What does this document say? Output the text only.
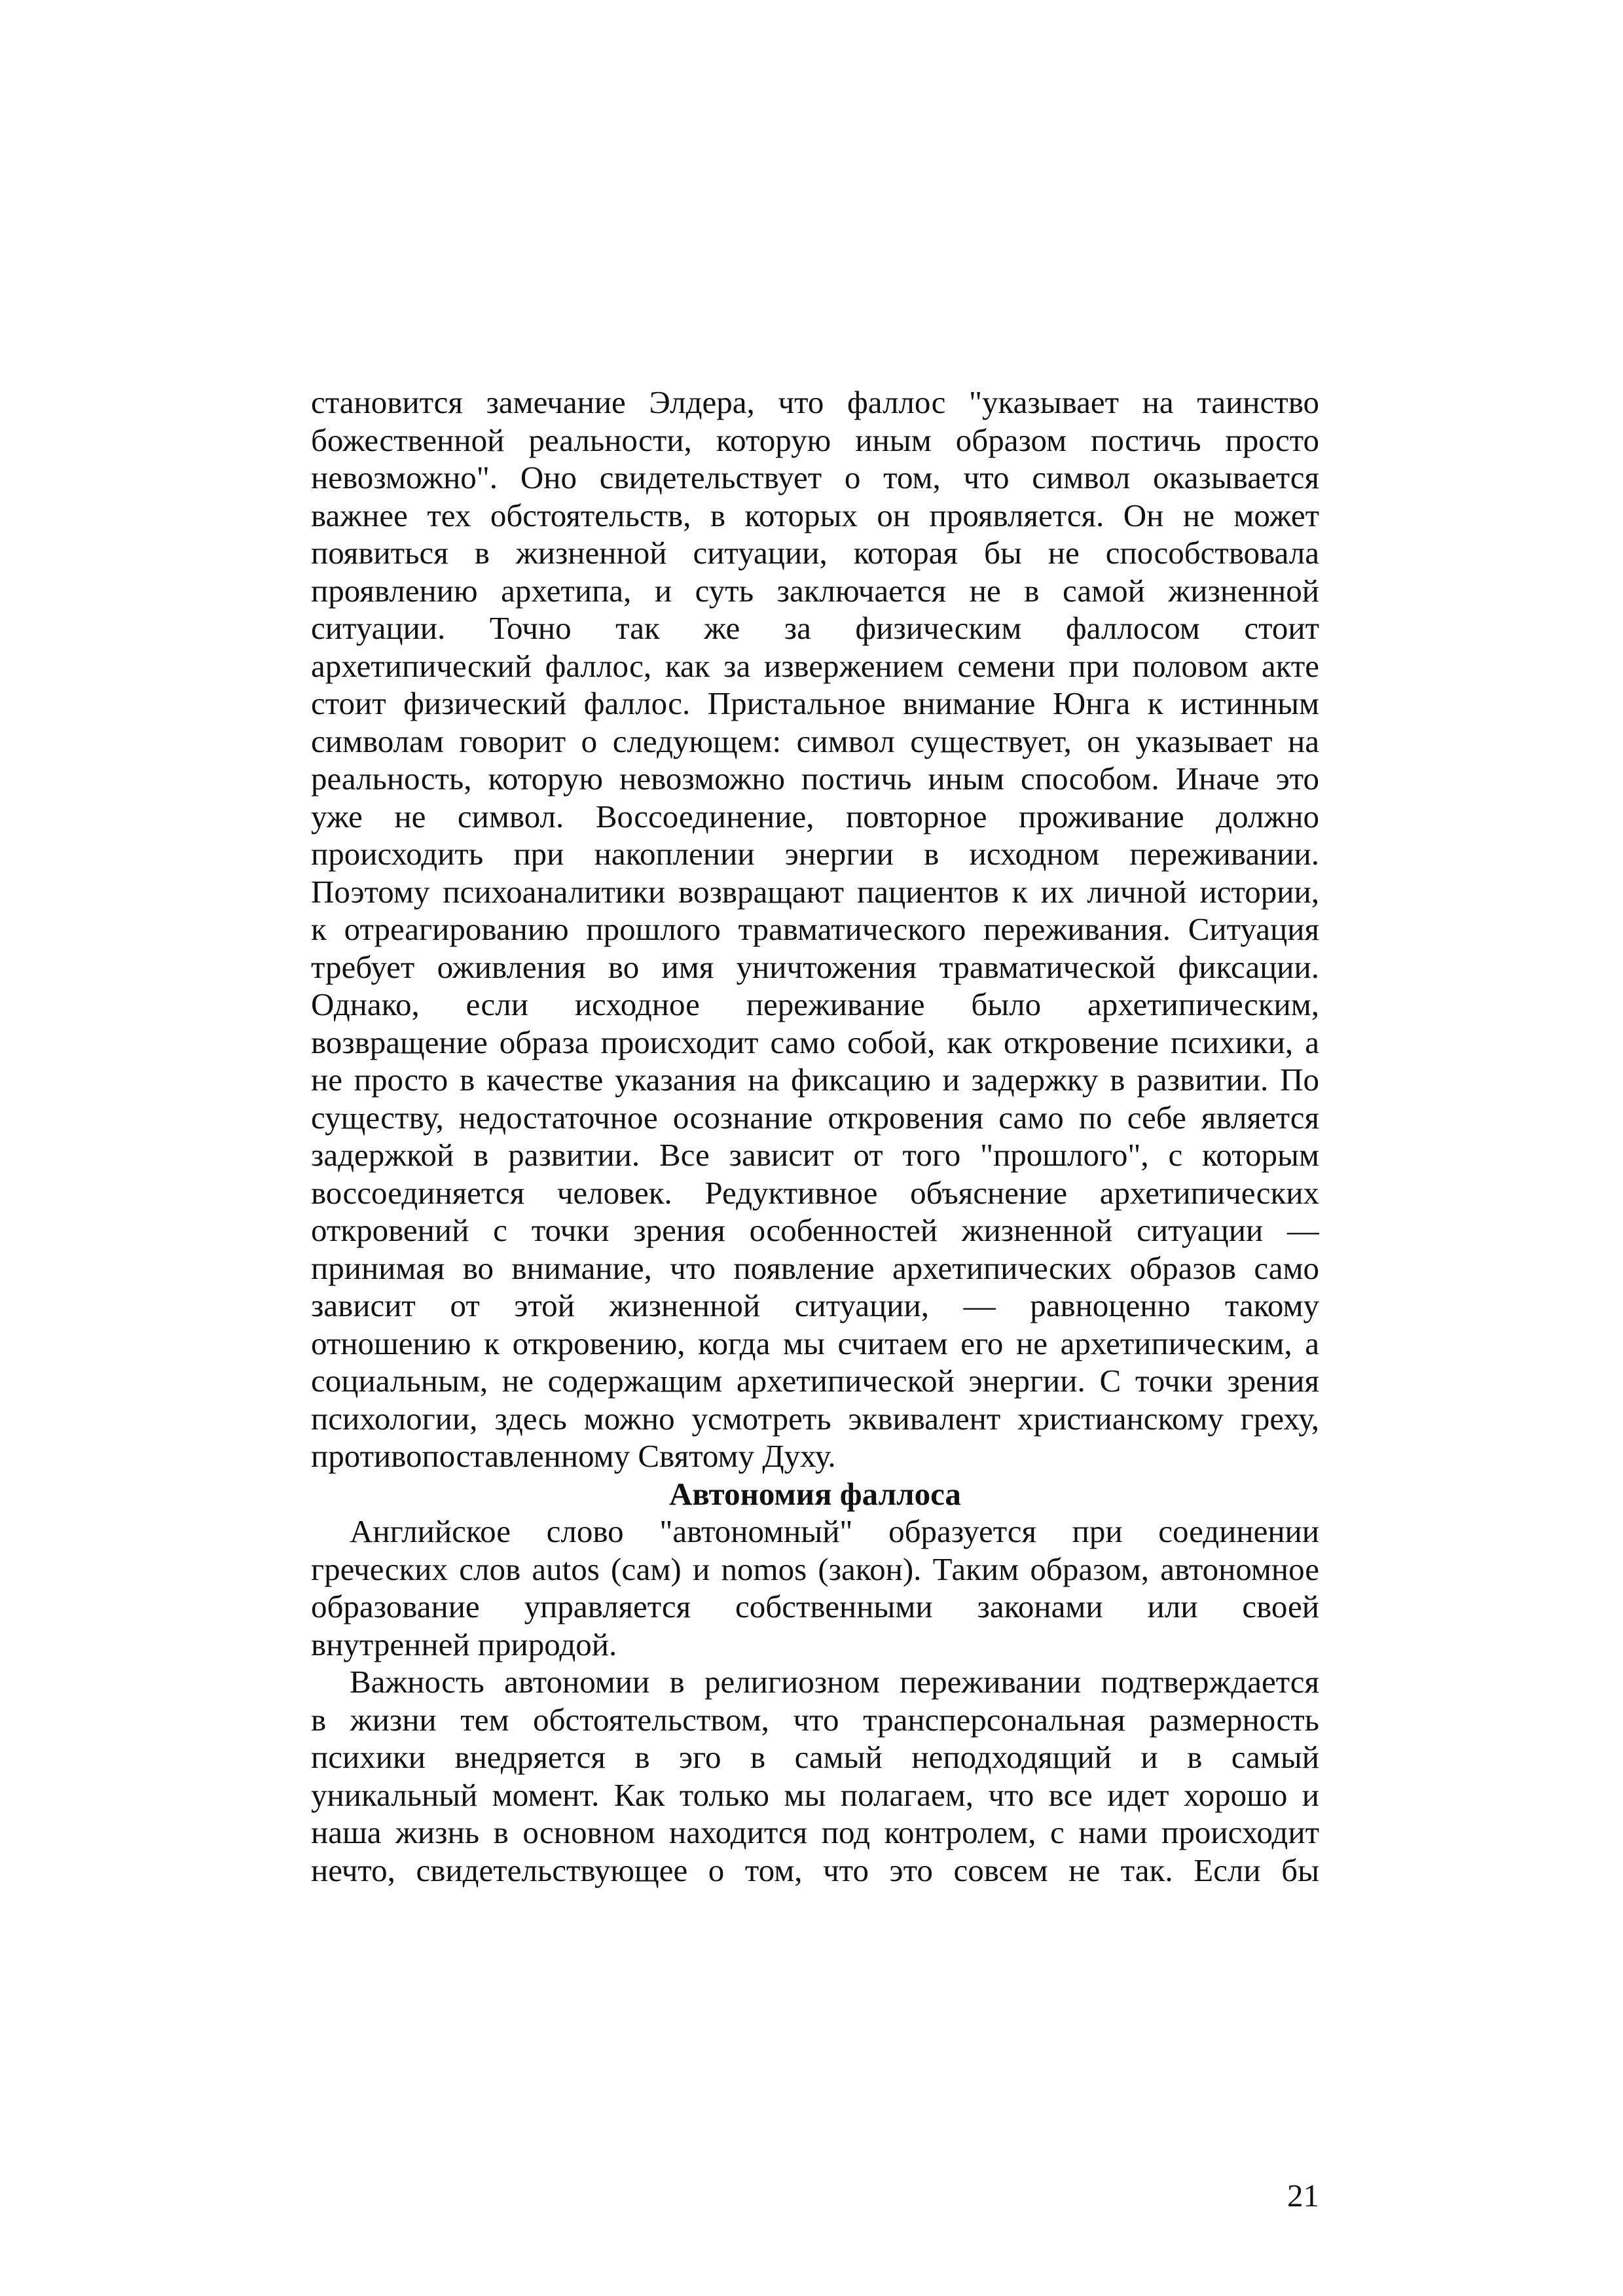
становится замечание Элдера, что фаллос "указывает на таинство
божественной реальности, которую иным образом постичь просто
невозможно". Оно свидетельствует о том, что символ оказывается
важнее тех обстоятельств, в которых он проявляется. Он не может
появиться в жизненной ситуации, которая бы не способствовала
проявлению архетипа, и суть заключается не в самой жизненной
ситуации. Точно так же за физическим фаллосом стоит
архетипический фаллос, как за извержением семени при половом акте
стоит физический фаллос. Пристальное внимание Юнга к истинным
символам говорит о следующем: символ существует, он указывает на
реальность, которую невозможно постичь иным способом. Иначе это
уже не символ. Воссоединение, повторное проживание должно
происходить при накоплении энергии в исходном переживании.
Поэтому психоаналитики возвращают пациентов к их личной истории,
к отреагированию прошлого травматического переживания. Ситуация
требует оживления во имя уничтожения травматической фиксации.
Однако, если исходное переживание было архетипическим,
возвращение образа происходит само собой, как откровение психики, а
не просто в качестве указания на фиксацию и задержку в развитии. По
существу, недостаточное осознание откровения само по себе является
задержкой в развитии. Все зависит от того "прошлого", с которым
воссоединяется человек. Редуктивное объяснение архетипических
откровений с точки зрения особенностей жизненной ситуации —
принимая во внимание, что появление архетипических образов само
зависит от этой жизненной ситуации, — равноценно такому
отношению к откровению, когда мы считаем его не архетипическим, а
социальным, не содержащим архетипической энергии. С точки зрения
психологии, здесь можно усмотреть эквивалент христианскому греху,
противопоставленному Святому Духу.
Автономия фаллоса
Английское слово "автономный" образуется при соединении
греческих слов autos (сам) и nomos (закон). Таким образом, автономное
образование управляется собственными законами или своей
внутренней природой.
Важность автономии в религиозном переживании подтверждается
в жизни тем обстоятельством, что трансперсональная размерность
психики внедряется в эго в самый неподходящий и в самый
уникальный момент. Как только мы полагаем, что все идет хорошо и
наша жизнь в основном находится под контролем, с нами происходит
нечто, свидетельствующее о том, что это совсем не так. Если бы
21
